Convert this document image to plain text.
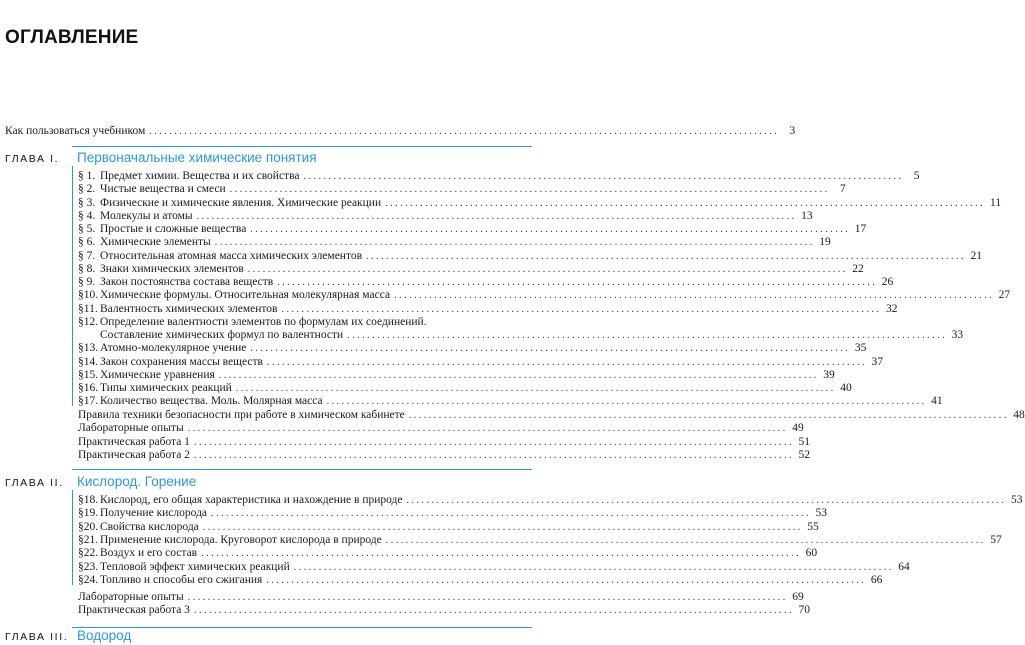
ОГЛАВЛЕНИЕ
Как пользоваться учебником .............................................................................................................................. 3
ГЛАВА I.	Первоначальные химические понятия
§ 1. Предмет химии. Вещества и их свойства ........................................................................................................................ 5
§ 2. Чистые вещества и смеси ........................................................................................................................ 7
§ 3. Физические и химические явления. Химические реакции ........................................................................................................................ 11
§ 4. Молекулы и атомы ........................................................................................................................ 13
§ 5. Простые и сложные вещества ........................................................................................................................ 17
§ 6. Химические элементы ........................................................................................................................ 19
§ 7. Относительная атомная масса химических элементов ........................................................................................................................ 21
§ 8. Знаки химических элементов ........................................................................................................................ 22
§ 9. Закон постоянства состава веществ ........................................................................................................................ 26
§10. Химические формулы. Относительная молекулярная масса ........................................................................................................................ 27
§11. Валентность химических элементов ........................................................................................................................ 32
§12. Определение валентности элементов по формулам их соединений.
Составление химических формул по валентности ........................................................................................................................ 33
§13. Атомно-молекулярное учение ........................................................................................................................ 35
§14. Закон сохранения массы веществ ........................................................................................................................ 37
§15. Химические уравнения ........................................................................................................................ 39
§16. Типы химических реакций ........................................................................................................................ 40
§17. Количество вещества. Моль. Молярная масса ........................................................................................................................ 41
Правила техники безопасности при работе в химическом кабинете ........................................................................................................................ 48
Лабораторные опыты ........................................................................................................................ 49
Практическая работа 1 ........................................................................................................................ 51
Практическая работа 2 ........................................................................................................................ 52
ГЛАВА II. Кислород. Горение
§18. Кислород, его общая характеристика и нахождение в природе ........................................................................................................................ 53
§19. Получение кислорода ........................................................................................................................ 53
§20. Свойства кислорода ........................................................................................................................ 55
§21. Применение кислорода. Круговорот кислорода в природе ........................................................................................................................ 57
§22. Воздух и его состав ........................................................................................................................ 60
§23. Тепловой эффект химических реакций ........................................................................................................................ 64
§24. Топливо и способы его сжигания ........................................................................................................................ 66
Лабораторные опыты ........................................................................................................................ 69
Практическая работа 3 ........................................................................................................................ 70
ГЛАВА III. Водород
